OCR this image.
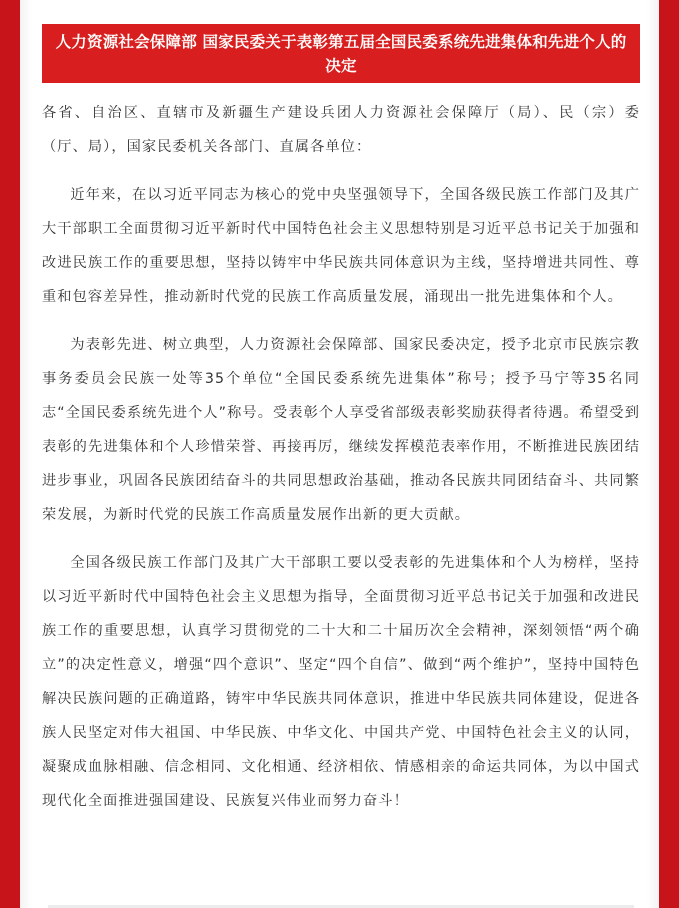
人力资源社会保障部 国家民委关于表彰第五届全国民委系统先进集体和先进个人的决定

各省、自治区、直辖市及新疆生产建设兵团人力资源社会保障厅（局）、民（宗）委（厅、局），国家民委机关各部门、直属各单位：

近年来，在以习近平同志为核心的党中央坚强领导下，全国各级民族工作部门及其广大干部职工全面贯彻习近平新时代中国特色社会主义思想特别是习近平总书记关于加强和改进民族工作的重要思想，坚持以铸牢中华民族共同体意识为主线，坚持增进共同性、尊重和包容差异性，推动新时代党的民族工作高质量发展，涌现出一批先进集体和个人。

为表彰先进、树立典型，人力资源社会保障部、国家民委决定，授予北京市民族宗教事务委员会民族一处等35个单位“全国民委系统先进集体”称号；授予马宁等35名同志“全国民委系统先进个人”称号。受表彰个人享受省部级表彰奖励获得者待遇。希望受到表彰的先进集体和个人珍惜荣誉、再接再厉，继续发挥模范表率作用，不断推进民族团结进步事业，巩固各民族团结奋斗的共同思想政治基础，推动各民族共同团结奋斗、共同繁荣发展，为新时代党的民族工作高质量发展作出新的更大贡献。

全国各级民族工作部门及其广大干部职工要以受表彰的先进集体和个人为榜样，坚持以习近平新时代中国特色社会主义思想为指导，全面贯彻习近平总书记关于加强和改进民族工作的重要思想，认真学习贯彻党的二十大和二十届历次全会精神，深刻领悟“两个确立”的决定性意义，增强“四个意识”、坚定“四个自信”、做到“两个维护”，坚持中国特色解决民族问题的正确道路，铸牢中华民族共同体意识，推进中华民族共同体建设，促进各族人民坚定对伟大祖国、中华民族、中华文化、中国共产党、中国特色社会主义的认同，凝聚成血脉相融、信念相同、文化相通、经济相依、情感相亲的命运共同体，为以中国式现代化全面推进强国建设、民族复兴伟业而努力奋斗！
